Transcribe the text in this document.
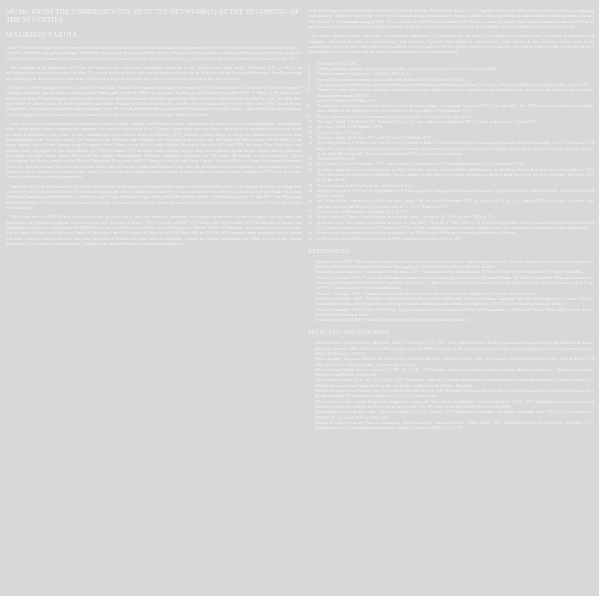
MUSIC FROM THE UNDERGROUND: BEAT 72'S NETWORK(S) AT THE BEGINNING OF THE SEVENTIES
MAURIZIO FARINA

"Beat 72 was many things: a space, a project in the making, a context of people and relationships, a programming and a set of events, the occasion for an artistic debut (...) as well as the theater, an anchor, a refuge." Words that describe one of the most fertile venues in Rome, a space that played a role of symbolic place of research, the mother of the Roman cellars (cantine), not because it was the oldest but because it was the most characteristic (...). An early sketch by Ulisse Benedetti and Simone Carella, 1971.

The recording of 22 September 1973 that we feature in this edition is a memorable testimony to the "inclusive and open nature" (Orecchia 2018, p. 26) of the multidisciplinary research space that was Beat 72 - one of the many lively underground theaters that sprang up in Rome over the Sixties and Seventies. Scrolling through the chronology of the musical activities of the first period, it is possible to trace the contours of an artistic network in flux and in motion.

Founded in 1966 through the work of Fulvio Fo and Fabio Salvioli, an organized workshop and venue at Via Gioacchino Belli 72, it hosted "a place to organize" readings, rehearsals, jam sessions, concerts, [small] theaters and moved in 1966 to its long time location at via Giuseppe Gioacchino Belli 72. Many of the first musical activities of Beat 72 were promptly related to jazz. Performers included Giancarlo Schiaffini and Gaslini, Marcello Melis, Mario Schiano and the Jazz Trio. By 1968 there was likely an alliance with Richard Teitelbaum and Mario Schiano in different formations, and the Nuovo Consonanza, between 1969 and 1970, hosted Franco Evangelisti's and Giancarlo Schiaffini's improvisations. At the Sei Vetrate, Piero Schiaffini played the first Nightsong in Scarlatti's sonata. Carlo Alberto Mezzadri was born and the Gruppo Nuova Consonanza gave performances within the first productions with Giuseppe Bartolucci's Perelà.

From the outset, the community and involvement of Simone Carella - singular and visionary director, interested in all forms of art and interdisciplinarity - and Antonello Neri - indefatigable pianist, composer and organizer - the musical activities of Beat 72 began to take on greater consistency and regularity, expanding the network across the musical directions of the venue. A first Contemporary music concert series (15-20 May 1971) included, among others, a concert by Maurizio Giammarco's Blue Morning group in the first part, and the Trio Schiano (with Tommaso and Goldfield) and Schiaffini in the second part (20 May) and three concerts (28-30 May) by the newly formed Nuovo Forme Sonore group (Giuseppe Chiari, Pietro Grossi, Alvin Curran, Frederic Rzewski). Between 1972 and 1973, the Rome Film Club shows and Gruppo Teatro Immagine's Roma Altro Monde. On 17-25 December 1971 the Music Improvisation concert series was organized by the Gruppo Rinnovamento Musicale; participants included Nuove Forme Sonore and the Gruppo Rinnovamento Musicale, Schiaffini, Tommaso and Villa Rojo, the Gruppo di Improvvisazione Nuova Consonanza, the Roman branch of the Musica Elettronica Viva group (MEV), Frederic Rzewski and Alvin Curran, Nuovo Collettivo Gruppo Dominante (Domenico Guaccero, Alan Bryant and Alvin Curran), the Duo Nuovo Italo (Giancarlo Cardini and Giuliano Zosi, "with the participation of Ivan Figueroa"), a group made up of Luca Lombardi, Dario Mancini and Jerome Cooper, "with" (...) as well as the Gruppo di Improvvisazione di Roma, which had been set up by Schiaffini in 1970, and the Gruppo Nuova Consonanza (in order of appearance).

The series of 22 and 23 December 1972 and the performance of ten major contemporary music works were more evidently active in the Roman network, including three concerts by the newly formed Nuova Forme Sonore group, the series included performances by Luca Lombardi, Antonello Neri, Giuliano Zosi and Dante Di Cunzo, Domenico Guaccero and Daniele Paris, as well as Gruppo Teatro Immagine, Sergio Cena and the Roma Altro Monde. Contemporary music - in late 1972 - the NPS group, formed in October 1970 by composer-performers Schiaffini, Tommaso and Villa-Rojo, started the concert activity in March 1973 and therefore from 1973 was also formed its association.

The second season (1972-73) was also characterized by a network of new and historical ensembles, the Gruppo Strumentale, Federico Mompou, among others, the participation of Schiaffini in various formations (also with Tommaso, 3 March; NPS, 4 March) and MEV (18 March). On 13 November 1972 the Meeting of modern and contemporary music was organized by the OED, the first edition of what would become Ricerca Sonora (21 March). On the 25 November, the second cycle also kicked off: The International Festival of Electronic Music (2 December), and 19 February (21 March) with MEV and NPS. In 1973 the MEV returned again to organize and to host an important collective improvisation by the many networks of Roman musicians, such as Schiaffini, Cardini, the Nuova Consonanza, the OED, as well as the Gruppo Strumentale (Carlo Cardini, Antonello Neri, Giuliano Zosi, Michele Ferrari and Emanuele Pappalardo).

so he is listening more and more often to records of African, Korean, Balinese folk music, etc.). A specific theme and sound are born, which escape any cataloguing or ground and - right here is the point - they find in themselves the communicative charge to address, at least potentially, a wider audience. Dario Salvatori, who was able to listen to the harmonic group at Beat 72 in a concert in which they performed, writes that it is a musical group whose formal structure seems to have lost its importance, it is no longer such a compelling problem (...). At Beat 72 a free way just dissolving, that of taking a good and filling it completely with sound.

For Franco Materna, on the other hand, it is of primary importance: "a sound that fills the room (...) Creating with a steady sound, a vibration in movement and immediate reflection of states of consciousness," and therefore, "beyond every technical consideration," what matters is the synthesis, which needs to be contemporary and very old at the same time: it would be wrong to consider PM as a purely musical fact in that what you want to achieve is not a composition but a group experience to be shared with the others, proposing itself as an overall experience.

1	Orecchia 2018, p. 229.
2	Unless otherwise indicated, the data come from the chronology shown on pp. 103-253 of Orecchia 2018.
3	Ulisse Benedetti in Bargiacchi - Schiaffini 2017, p. 31.
4	Bey and Waldron are indicated, without date specification, in L'Unità, 3 June 1968, p. 4.
5	Two recordings of a further date of the Trio Schiano (with Tommaso and Piccolo) at the Beat 72 (17 May 1969) were published by Splasc(h) Records in 1992.
6	Around the same time, several composers and performers began collaborating more frequently in the theatrical works of some of the directors and companies that gravitated around Beat 72.
7	See also L'Unità, 20-30 May 1971.
8	Around this concert series Giovanni Guaccero wrote important pages, for example Guaccero 2013, 2014 and 2018. The 2018 book, in particular, also contains many details on the individual musicians included in the recording of 22 September 1973.
9	On the importance of Nova Consonanza, see also Bargiacchi - Schiaffini 2017, pp. 136-137.
10	See also L'Unità, 2-9 March 1972. Pretolani 2014, p. 155, also indicates an additional MEV concert at Beat 72 on 5 April 1972.
11	See also L'Unità, 14-20 January 1973.
12	L'Unità, 2 June 1973, p. 9.
13	See also L'Unità, 11-20 June 1973, and 5-17 and 17 October 1973.
14	According to Dario Salvatori, this concert series repeated at Beat 72 a successful festival of contemporary music held in Chiaravalle on 11-17 February 1974 under the artistic direction of Antonello Neri. In Salvatori's description, the program of Chiaravalle included, among others, Umi 12 February and then the title in the Altra Musica group). Musica, con Machine (the OED, with various members).
15	Giaccetto 2013, p. 291.
16	See L'Unità 20 and 23 September 1973, Paese Sera 21-22 September 1973) and Momento Sera (19-22 September 1973).
17	A further experience of live performances by NPS is the live concert, with Schiaffini and Tommaso, at the Nuovo Forme Sonore in the early months of 1973. Dario Salvatori, in reviewing it, underlines "much courage on their part in presenting themselves with their ideas among the last four audiences" (see Ciao 2001 n. 13, pp. 36-38).
18	On vocal improvisation in Rome see also Assunçã 2011.
19	Between the end of 1973 and the beginning of 1974 the group was composed of Maurizio Giammarco, Eugenio Colombo, Alberto Corvini, Enrico Ghiberti and Marco Salomon.
20	See Trìton Times, University of California (San Diego), Vol. 20, n. 16, November 1973, p. 6, and Vol. 21, n. 2, 11 January 1974, p. 5; and The Tribe - The Palomar College (San Marcos, California), Vol. 27, n. 18, 27 February 1974.
21	Alvin Curran in Bargiacchi - Schiaffini 2017, p. 272.
22	Franco Piersanti, 'Nuovo Forme Sonore: la forma del suono', in Nuovo, TC, 4-25, 20 June 1979, p. 79.
23	Dario Salvatori, 'Succedono: Claridades ad slove', in Ciao 2001, VI, n. 20, 17 May 1976, p. 34. It was most probably the first concert that ensemble gave at Beat 72, of which Salvatori wrote on 7-17 February 1974, p. 50, also speaking of a third concert - among others - but one passes written and the other improvised.
24	From the self-presentation written on the program of the 1976 Festival of Nuova Consonanza Association of Rome.
25	In Il Collegio di Arte Musicale di Como of 1974 reported in Giaccetto 2013, p. 300.
REFERENCES
–	Assunçã, Irene. 2018. "The magical perspectives: Giacinto Scelsi and collective vocal improvisations in Rome." In Free improvisation: history and perspectives, edited by Alessandro Mondadori and Antonio Ramaggio, pp. 373-379. Lucca: Libreria Musicale Italiana.
–	Bargiacchi, Enzo Gualtiero - Schiaffini, Rodolfo (eds). 2017. Conti storie sul filo della memoria. Il 'Nuovo Teatro' in Italia negli anni 70. Firenze: Florilibo.
–	Guaccero, Giovanni. 2018. "Il contesto della musica improvvisata a Roma fra gli anni Sessanta e gli anni Settanta." In Franco Evangelisti: Verso un nuovo mondo sonoro, proceedings of the International Conference, Ernesto, C., 3 March 2014, edited by Eleonora Ludovisi and Daniela Tortora. In Art. di Suono, n. 8, n. 8, pp. 169-176. Cosenza: Edizioni Università Mondadori.
–	Guaccero, Giovanni. 2014. L'improvvisazione radicale nella musica sperimentale. Roma. Milano: 2013. Firenze: Arcana Editrice.
–	Guaccero, Giovanni. 2018. "The use of improvisation in Rome in the 1960s and 1970s: institutions, languages and the relationship with context." In Free improvisation: history and perspectives, edited by Alessandro Mondadori and Antonio Ramaggio, pp. 151-172. Lucca: Libreria Musicale Italiana.
–	Orecchia, Donatella. 2018. Il Beat 72 di Roma. Il primo migliore. Il Giorno scalato. Il Ordo della Accademia La Nascita del Nuovo Teatro, Dai la storia. Roma: Accademia Universitaria Press.
–	Pretolani, Luigi. 2014. MEV: Musica Elettronica Viva. Lucca: Libreria Musicale Italiana.
SELECTED DISCOGRAPHY
–	Mario Schiano. Il Uni Brothers. MaStiveE, CERT. CSP #1027 (LP), 1970. (Trio: Mario Schiano, Bruno Tommaso and Franco Pecori). Republished in Keuno, Splasc(h) Records, CDH 309-2 (CD), 1990, together with the 1967 recordings of the Gruppo Romano Free Jazz (recently published on LP by Cramps Records, 2002, CD, Rimini, [...] 2011).
–	Mario Schiano, Tommaso Vittorini. Un fronte di Sei. Splasc(h) Records, CDH 205-2 (CD), 1991, also contains "Beat Suite (Free Jazz Trio), Live at Beat 72 (10 May 1969)" (Trio: Mario Schiano, Tommaso and Piccolo).
–	Mario Schiano/Gaslini. Trios a confronto, 1 RIL 101-1 (LP), 1975. (Septet: Giancarlo Schiaffini, Massimo Urbani, Maurizio Giammarco, Martin Joseph, Bruno Tommaso and Michele Iannaccone).
–	Nuovo Forme Sonore, Kort, SPL. NS 3 (LP), 1974. The group - made up of Michiko Hirayama, Anne Beate Zimmer, Giancarlo Schiaffini, Francesco Mario Viel, Michele Iannaccone and Antonello Ficarelli - performs compositions by Michiko Hirayama.
–	Musica Elettronica Viva. Sound Pool. Nuova Elettronica per Incontri. CD. Schiaffini and Antonello Ficarelli - performs compositions by Nuova Elettronica. Two groups including 1971 and others: Spoleto, Vol. 2 (LP), Various Artists.
–	Alvin Curran. Canti e vedute del giardino magnetico - Songs and Views from the Magnetic Garden, Ananda, n. 1 (LP), 1973. Republished several times and in different formats, for example in Alvin Curran. Solo Works: The 70s. New World Records 80733-2 (3 CDs), 2010.
–	Prima Materia. La coda della tigre - Tail of the Tiger, n. 2 (LP), Ananda, 1977. Republished, together with further recordings (also 1974), by Die Schachtel, n. 200 (DSCD 12) and in 2015 (2 CDs), 2011.
–	Gruppo di Improvvisazione Nuova Consonanza. Improvvisazioni. Cramps Records, CRSLP 6206, 1976. Republished in De-Iv, Folkwadio, EB-1008, 1977. Republished on CD with additional material by Splasc(h) Records, CDH 310-2, 1998.
